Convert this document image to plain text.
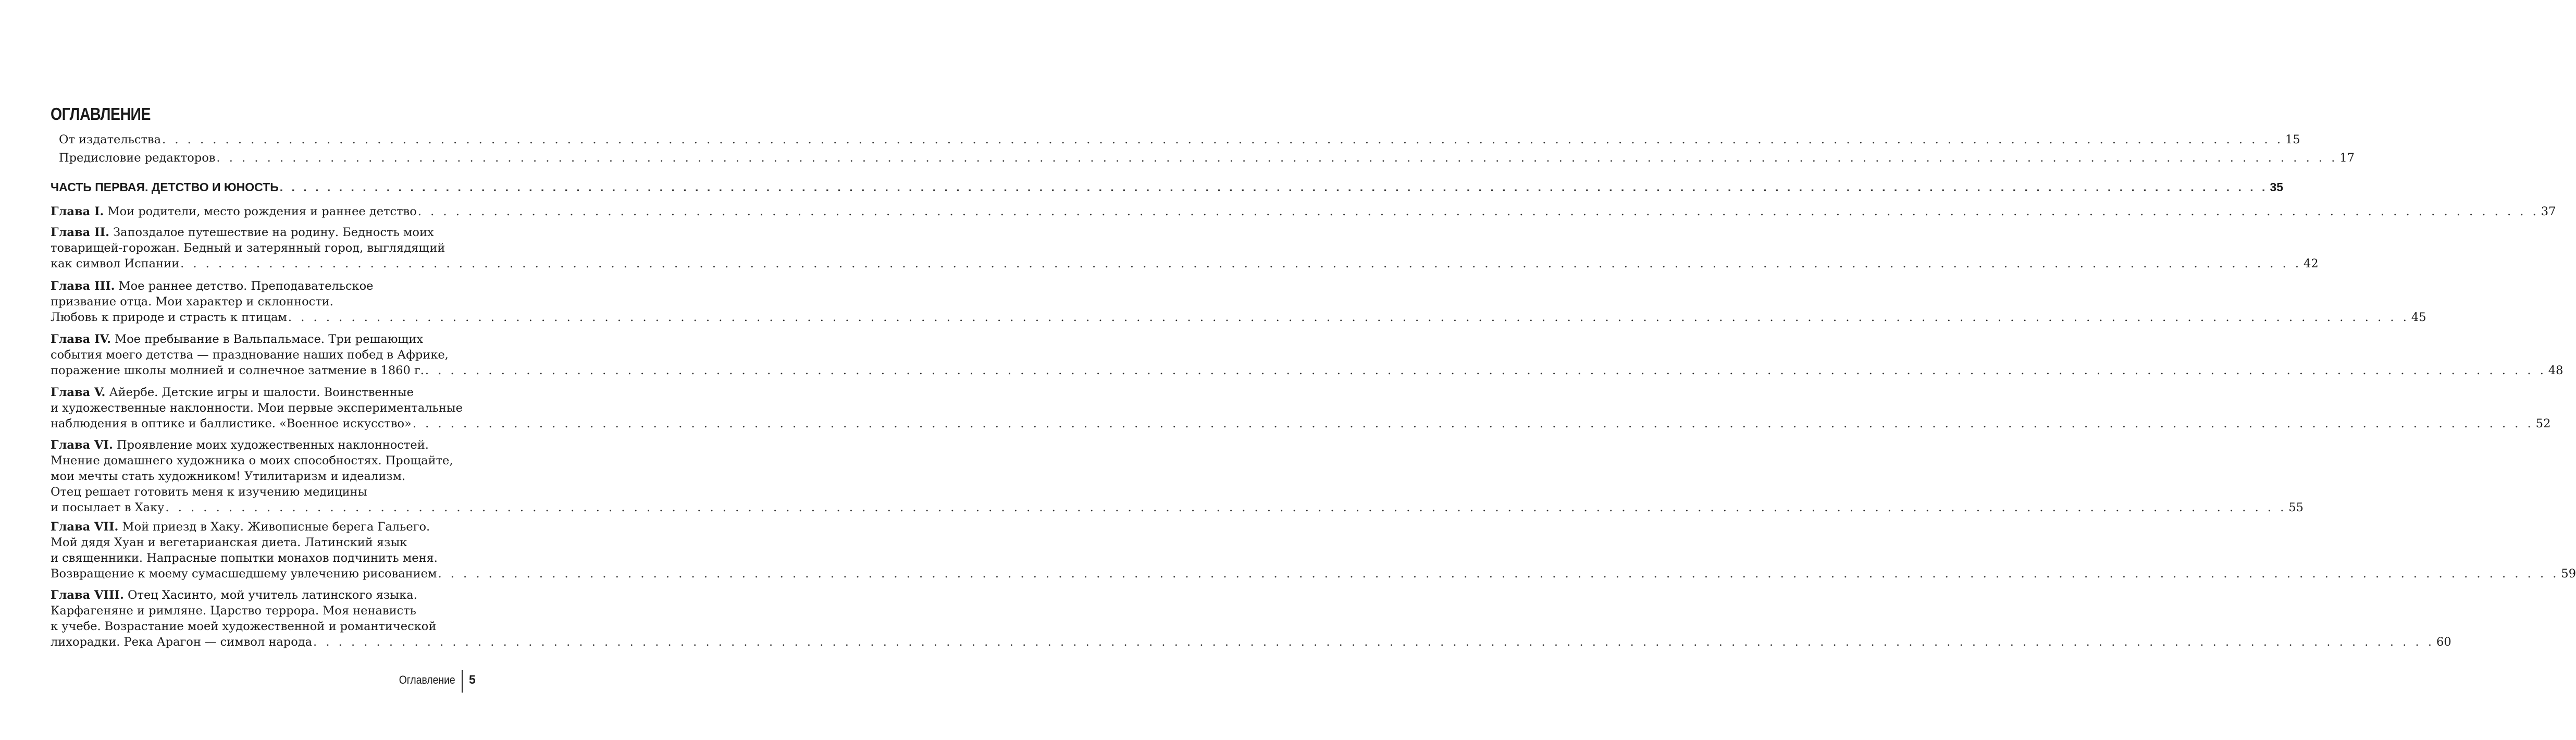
ОГЛАВЛЕНИЕ
От издательства . . .	15
Предисловие редакторов . . .	17
ЧАСТЬ ПЕРВАЯ. ДЕТСТВО И ЮНОСТЬ . . .	35
Глава I. Мои родители, место рождения и раннее детство . . .	37
Глава II. Запоздалое путешествие на родину. Бедность моих
товарищей-горожан. Бедный и затерянный город, выглядящий
как символ Испании . . .	42
Глава III. Мое раннее детство. Преподавательское
призвание отца. Мои характер и склонности.
Любовь к природе и страсть к птицам . . .	45
Глава IV. Мое пребывание в Вальпальмасе. Три решающих
события моего детства — празднование наших побед в Африке,
поражение школы молнией и солнечное затмение в 1860 г. . . .	48
Глава V. Айербе. Детские игры и шалости. Воинственные
и художественные наклонности. Мои первые экспериментальные
наблюдения в оптике и баллистике. «Военное искусство» . . .	52
Глава VI. Проявление моих художественных наклонностей.
Мнение домашнего художника о моих способностях. Прощайте,
мои мечты стать художником! Утилитаризм и идеализм.
Отец решает готовить меня к изучению медицины
и посылает в Хаку . . .	55
Глава VII. Мой приезд в Хаку. Живописные берега Гальего.
Мой дядя Хуан и вегетарианская диета. Латинский язык
и священники. Напрасные попытки монахов подчинить меня.
Возвращение к моему сумасшедшему увлечению рисованием . . .	59
Глава VIII. Отец Хасинто, мой учитель латинского языка.
Карфагеняне и римляне. Царство террора. Моя ненависть
к учебе. Возрастание моей художественной и романтической
лихорадки. Река Арагон — символ народа . . .	60
Оглавление 5
